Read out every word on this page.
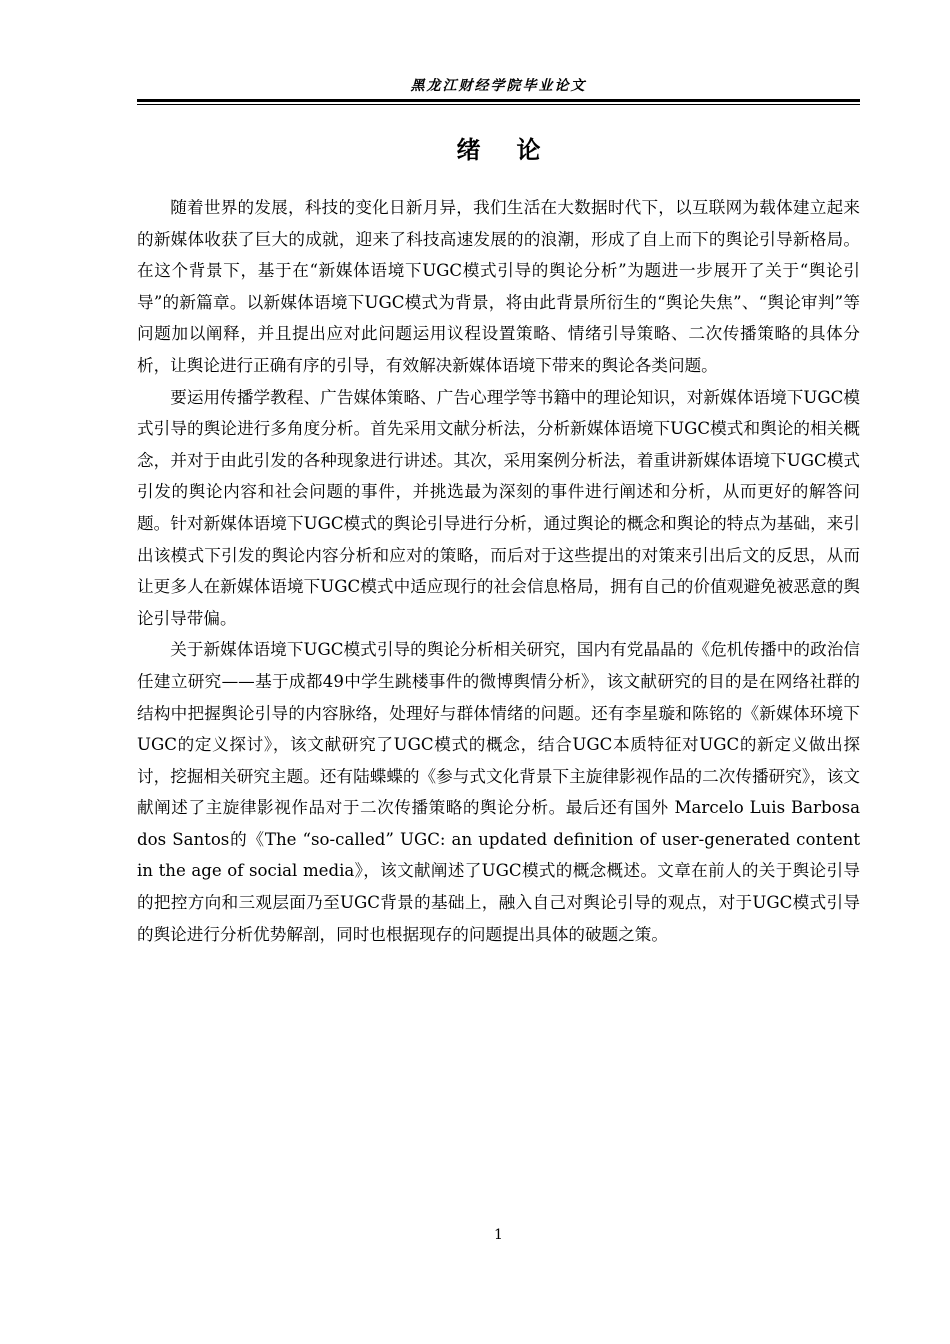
黑龙江财经学院毕业论文
绪论

随着世界的发展，科技的变化日新月异，我们生活在大数据时代下，以互联网为载体建立起来的新媒体收获了巨大的成就，迎来了科技高速发展的的浪潮，形成了自上而下的舆论引导新格局。在这个背景下，基于在“新媒体语境下UGC模式引导的舆论分析”为题进一步展开了关于“舆论引导”的新篇章。以新媒体语境下UGC模式为背景，将由此背景所衍生的“舆论失焦”、“舆论审判”等问题加以阐释，并且提出应对此问题运用议程设置策略、情绪引导策略、二次传播策略的具体分析，让舆论进行正确有序的引导，有效解决新媒体语境下带来的舆论各类问题。

要运用传播学教程、广告媒体策略、广告心理学等书籍中的理论知识，对新媒体语境下UGC模式引导的舆论进行多角度分析。首先采用文献分析法，分析新媒体语境下UGC模式和舆论的相关概念，并对于由此引发的各种现象进行讲述。其次，采用案例分析法，着重讲新媒体语境下UGC模式引发的舆论内容和社会问题的事件，并挑选最为深刻的事件进行阐述和分析，从而更好的解答问题。针对新媒体语境下UGC模式的舆论引导进行分析，通过舆论的概念和舆论的特点为基础，来引出该模式下引发的舆论内容分析和应对的策略，而后对于这些提出的对策来引出后文的反思，从而让更多人在新媒体语境下UGC模式中适应现行的社会信息格局，拥有自己的价值观避免被恶意的舆论引导带偏。

关于新媒体语境下UGC模式引导的舆论分析相关研究，国内有党晶晶的《危机传播中的政治信任建立研究——基于成都49中学生跳楼事件的微博舆情分析》，该文献研究的目的是在网络社群的结构中把握舆论引导的内容脉络，处理好与群体情绪的问题。还有李星璇和陈铭的《新媒体环境下UGC的定义探讨》，该文献研究了UGC模式的概念，结合UGC本质特征对UGC的新定义做出探讨，挖掘相关研究主题。还有陆蝶蝶的《参与式文化背景下主旋律影视作品的二次传播研究》，该文献阐述了主旋律影视作品对于二次传播策略的舆论分析。最后还有国外 Marcelo Luis Barbosa dos Santos的《The “so-called” UGC: an updated definition of user-generated content in the age of social media》，该文献阐述了UGC模式的概念概述。文章在前人的关于舆论引导的把控方向和三观层面乃至UGC背景的基础上，融入自己对舆论引导的观点，对于UGC模式引导的舆论进行分析优势解剖，同时也根据现存的问题提出具体的破题之策。

1
